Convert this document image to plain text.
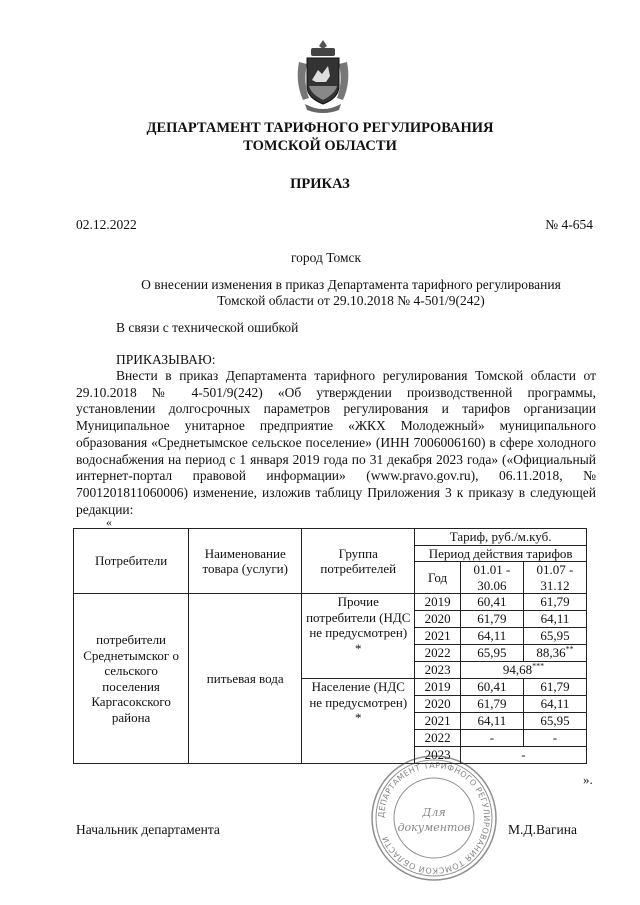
ДЕПАРТАМЕНТ ТАРИФНОГО РЕГУЛИРОВАНИЯ
ТОМСКОЙ ОБЛАСТИ
ПРИКАЗ
02.12.2022	№ 4-654
город Томск
О внесении изменения в приказ Департамента тарифного регулирования Томской области от 29.10.2018 № 4-501/9(242)
В связи с технической ошибкой
ПРИКАЗЫВАЮ:
Внести в приказ Департамента тарифного регулирования Томской области от 29.10.2018 № 4-501/9(242) «Об утверждении производственной программы, установлении долгосрочных параметров регулирования и тарифов организации Муниципальное унитарное предприятие «ЖКХ Молодежный» муниципального образования «Среднетымское сельское поселение» (ИНН 7006006160) в сфере холодного водоснабжения на период с 1 января 2019 года по 31 декабря 2023 года» («Официальный интернет-портал правовой информации» (www.pravo.gov.ru), 06.11.2018, № 7001201811060006) изменение, изложив таблицу Приложения 3 к приказу в следующей редакции:
«
Потребители	Наименование товара (услуги)	Группа потребителей	Тариф, руб./м.куб.		
			Период действия тарифов		
			Год	01.01 - 30.06	01.07 - 31.12
потребители Среднетымског о сельского поселения Каргасокского района	питьевая вода	Прочие потребители (НДС не предусмотрен) *	2019	60,41	61,79
			2020	61,79	64,11
			2021	64,11	65,95
			2022	65,95	88,36**
			2023	94,68***
		Население (НДС не предусмотрен) *	2019	60,41	61,79
			2020	61,79	64,11
			2021	64,11	65,95
			2022	-	-
			2023	-	
».
Начальник департамента	М.Д.Вагина
ДЕПАРТАМЕНТ ТАРИФНОГО РЕГУЛИРОВАНИЯ ТОМСКОЙ ОБЛАСТИ
Для
документов
